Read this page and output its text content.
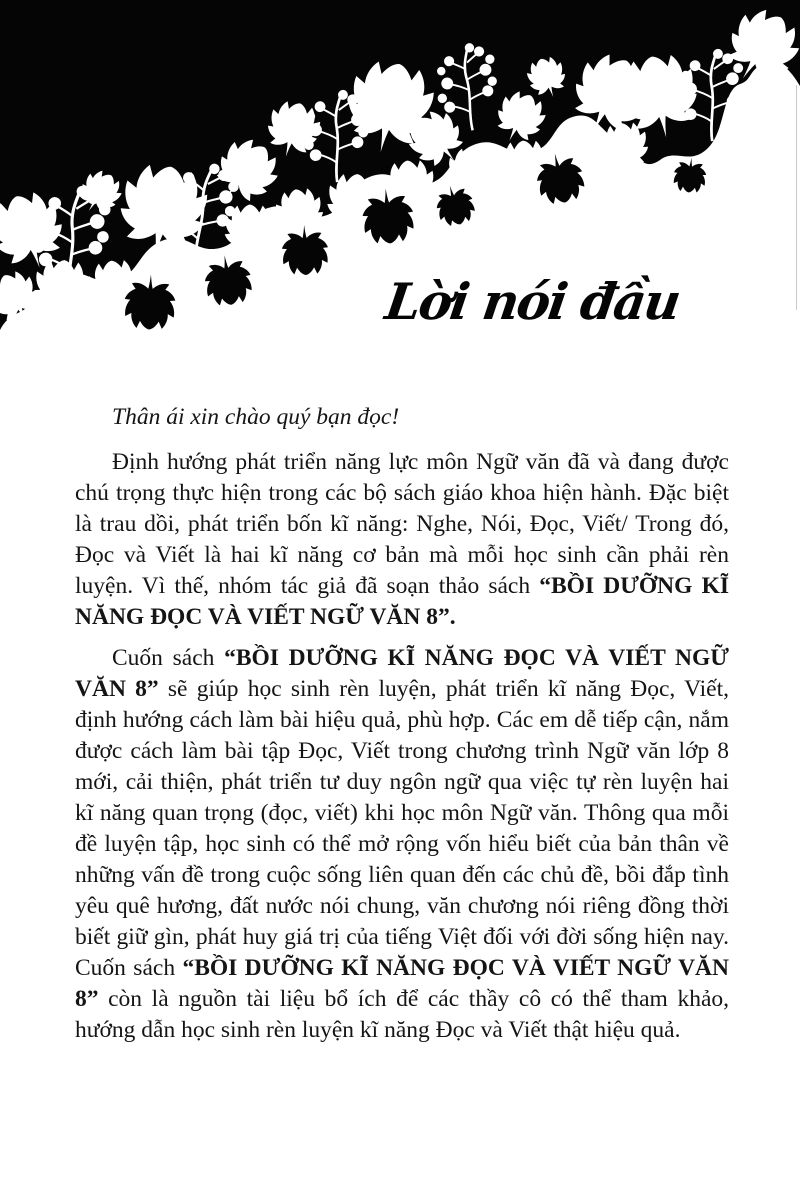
Lời nói đầu

Thân ái xin chào quý bạn đọc!

Định hướng phát triển năng lực môn Ngữ văn đã và đang được chú trọng thực hiện trong các bộ sách giáo khoa hiện hành. Đặc biệt là trau dồi, phát triển bốn kĩ năng: Nghe, Nói, Đọc, Viết/ Trong đó, Đọc và Viết là hai kĩ năng cơ bản mà mỗi học sinh cần phải rèn luyện. Vì thế, nhóm tác giả đã soạn thảo sách “BỒI DƯỠNG KĨ NĂNG ĐỌC VÀ VIẾT NGỮ VĂN 8”.

Cuốn sách “BỒI DƯỠNG KĨ NĂNG ĐỌC VÀ VIẾT NGỮ VĂN 8” sẽ giúp học sinh rèn luyện, phát triển kĩ năng Đọc, Viết, định hướng cách làm bài hiệu quả, phù hợp. Các em dễ tiếp cận, nắm được cách làm bài tập Đọc, Viết trong chương trình Ngữ văn lớp 8 mới, cải thiện, phát triển tư duy ngôn ngữ qua việc tự rèn luyện hai kĩ năng quan trọng (đọc, viết) khi học môn Ngữ văn. Thông qua mỗi đề luyện tập, học sinh có thể mở rộng vốn hiểu biết của bản thân về những vấn đề trong cuộc sống liên quan đến các chủ đề, bồi đắp tình yêu quê hương, đất nước nói chung, văn chương nói riêng đồng thời biết giữ gìn, phát huy giá trị của tiếng Việt đối với đời sống hiện nay. Cuốn sách “BỒI DƯỠNG KĨ NĂNG ĐỌC VÀ VIẾT NGỮ VĂN 8” còn là nguồn tài liệu bổ ích để các thầy cô có thể tham khảo, hướng dẫn học sinh rèn luyện kĩ năng Đọc và Viết thật hiệu quả.
